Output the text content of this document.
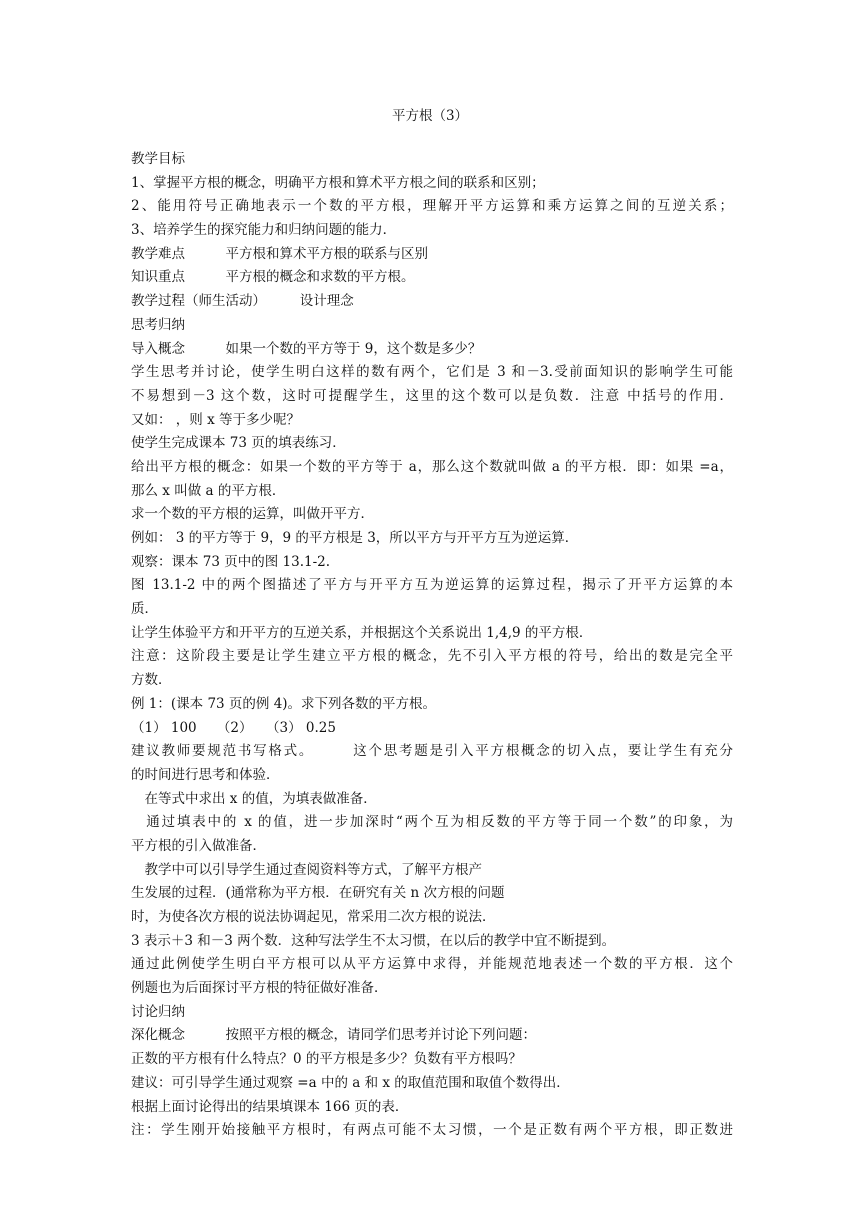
平方根（3）
教学目标
1、掌握平方根的概念，明确平方根和算术平方根之间的联系和区别；
2、能用符号正确地表示一个数的平方根，理解开平方运算和乘方运算之间的互逆关系；
3、培养学生的探究能力和归纳问题的能力．
教学难点　　　平方根和算术平方根的联系与区别
知识重点　　　平方根的概念和求数的平方根。
教学过程（师生活动）　　　设计理念
思考归纳
导入概念　　　如果一个数的平方等于 9，这个数是多少？
学生思考并讨论，使学生明白这样的数有两个，它们是 3 和－3.受前面知识的影响学生可能
不易想到－3 这个数，这时可提醒学生，这里的这个数可以是负数．注意 中括号的作用．
又如： ，则 x 等于多少呢？
使学生完成课本 73 页的填表练习．
给出平方根的概念：如果一个数的平方等于 a，那么这个数就叫做 a 的平方根．即：如果 =a，
那么 x 叫做 a 的平方根．
求一个数的平方根的运算，叫做开平方．
例如： 3 的平方等于 9，9 的平方根是 3，所以平方与开平方互为逆运算．
观察：课本 73 页中的图 13.1-2.
图 13.1-2 中的两个图描述了平方与开平方互为逆运算的运算过程，揭示了开平方运算的本
质．
让学生体验平方和开平方的互逆关系，并根据这个关系说出 1,4,9 的平方根．
注意：这阶段主要是让学生建立平方根的概念，先不引入平方根的符号，给出的数是完全平
方数．
例 1：(课本 73 页的例 4)。求下列各数的平方根。
（1） 100　　（2）　　（3） 0.25
建议教师要规范书写格式。　　　这个思考题是引入平方根概念的切入点，要让学生有充分
的时间进行思考和体验．
　在等式中求出 x 的值，为填表做准备．
　通过填表中的 x 的值，进一步加深时“两个互为相反数的平方等于同一个数”的印象，为
平方根的引入做准备．
　教学中可以引导学生通过查阅资料等方式，了解平方根产
生发展的过程．(通常称为平方根．在研究有关 n 次方根的问题
时，为使各次方根的说法协调起见，常采用二次方根的说法．
3 表示＋3 和－3 两个数．这种写法学生不太习惯，在以后的教学中宜不断提到。
通过此例使学生明白平方根可以从平方运算中求得，并能规范地表述一个数的平方根．这个
例题也为后面探讨平方根的特征做好准备．
讨论归纳
深化概念　　　按照平方根的概念，请同学们思考并讨论下列问题：
正数的平方根有什么特点？0 的平方根是多少？负数有平方根吗？
建议：可引导学生通过观察 =a 中的 a 和 x 的取值范围和取值个数得出．
根据上面讨论得出的结果填课本 166 页的表．
注：学生刚开始接触平方根时，有两点可能不太习惯，一个是正数有两个平方根，即正数进
